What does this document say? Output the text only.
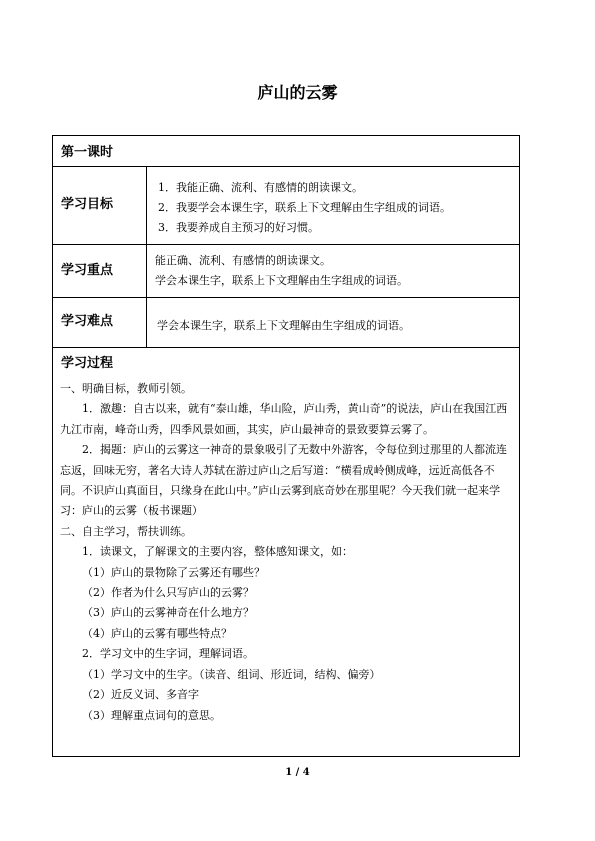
庐山的云雾
第一课时
学习目标
1．我能正确、流利、有感情的朗读课文。
2．我要学会本课生字，联系上下文理解由生字组成的词语。
3．我要养成自主预习的好习惯。
学习重点
能正确、流利、有感情的朗读课文。
学会本课生字，联系上下文理解由生字组成的词语。
学习难点	学会本课生字，联系上下文理解由生字组成的词语。
学习过程

一、明确目标，教师引领。

1．激趣：自古以来，就有“泰山雄，华山险，庐山秀，黄山奇”的说法，庐山在我国江西九江市南，峰奇山秀，四季风景如画，其实，庐山最神奇的景致要算云雾了。

2．揭题：庐山的云雾这一神奇的景象吸引了无数中外游客，令每位到过那里的人都流连忘返，回味无穷，著名大诗人苏轼在游过庐山之后写道：“横看成岭侧成峰，远近高低各不同。不识庐山真面目，只缘身在此山中。”庐山云雾到底奇妙在那里呢？今天我们就一起来学习：庐山的云雾（板书课题）

二、自主学习，帮扶训练。

1．读课文，了解课文的主要内容，整体感知课文，如：

（1）庐山的景物除了云雾还有哪些？

（2）作者为什么只写庐山的云雾？

（3）庐山的云雾神奇在什么地方？

（4）庐山的云雾有哪些特点？

2．学习文中的生字词，理解词语。

（1）学习文中的生字。（读音、组词、形近词，结构、偏旁）

（2）近反义词、多音字

（3）理解重点词句的意思。

1 / 4
